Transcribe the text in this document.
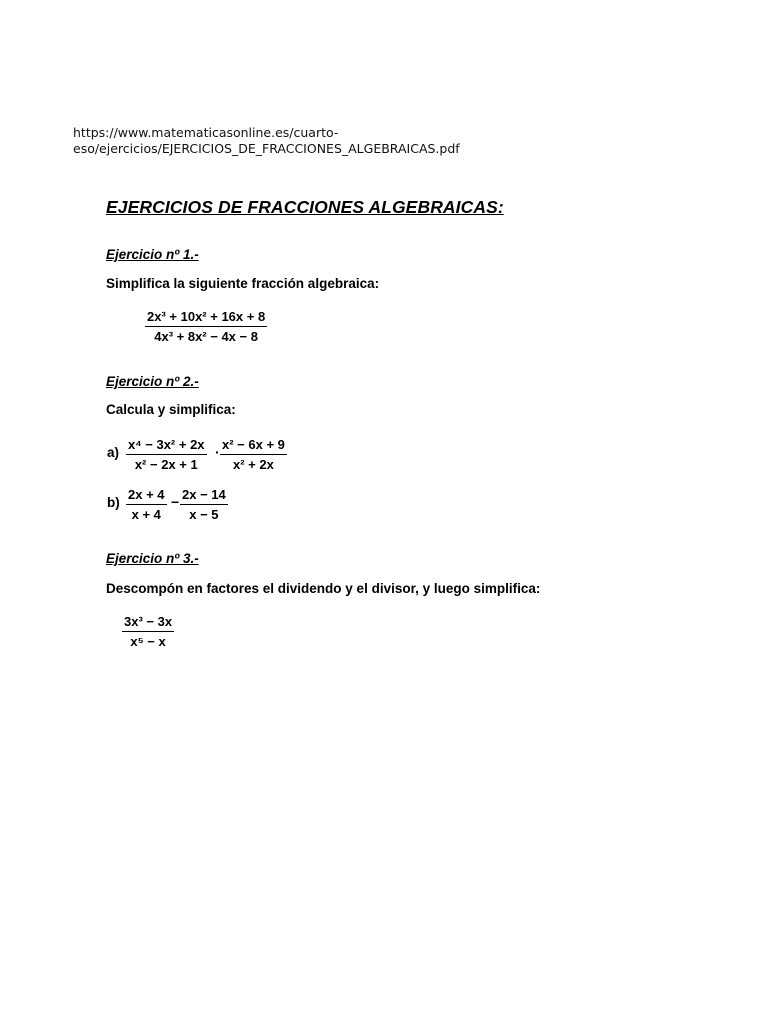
https://www.matematicasonline.es/cuarto-eso/ejercicios/EJERCICIOS_DE_FRACCIONES_ALGEBRAICAS.pdf
EJERCICIOS DE FRACCIONES ALGEBRAICAS:
Ejercicio nº 1.-
Simplifica la siguiente fracción algebraica:
2x³ + 10x² + 16x + 8
4x³ + 8x² − 4x − 8
Ejercicio nº 2.-
Calcula y simplifica:
a)
x⁴ − 3x² + 2x
x² − 2x + 1
· x² − 6x + 9
x² + 2x
b)
2x + 4
x + 4
− 2x − 14
x − 5
Ejercicio nº 3.-
Descompón en factores el dividendo y el divisor, y luego simplifica:
3x³ − 3x
x⁵ − x
